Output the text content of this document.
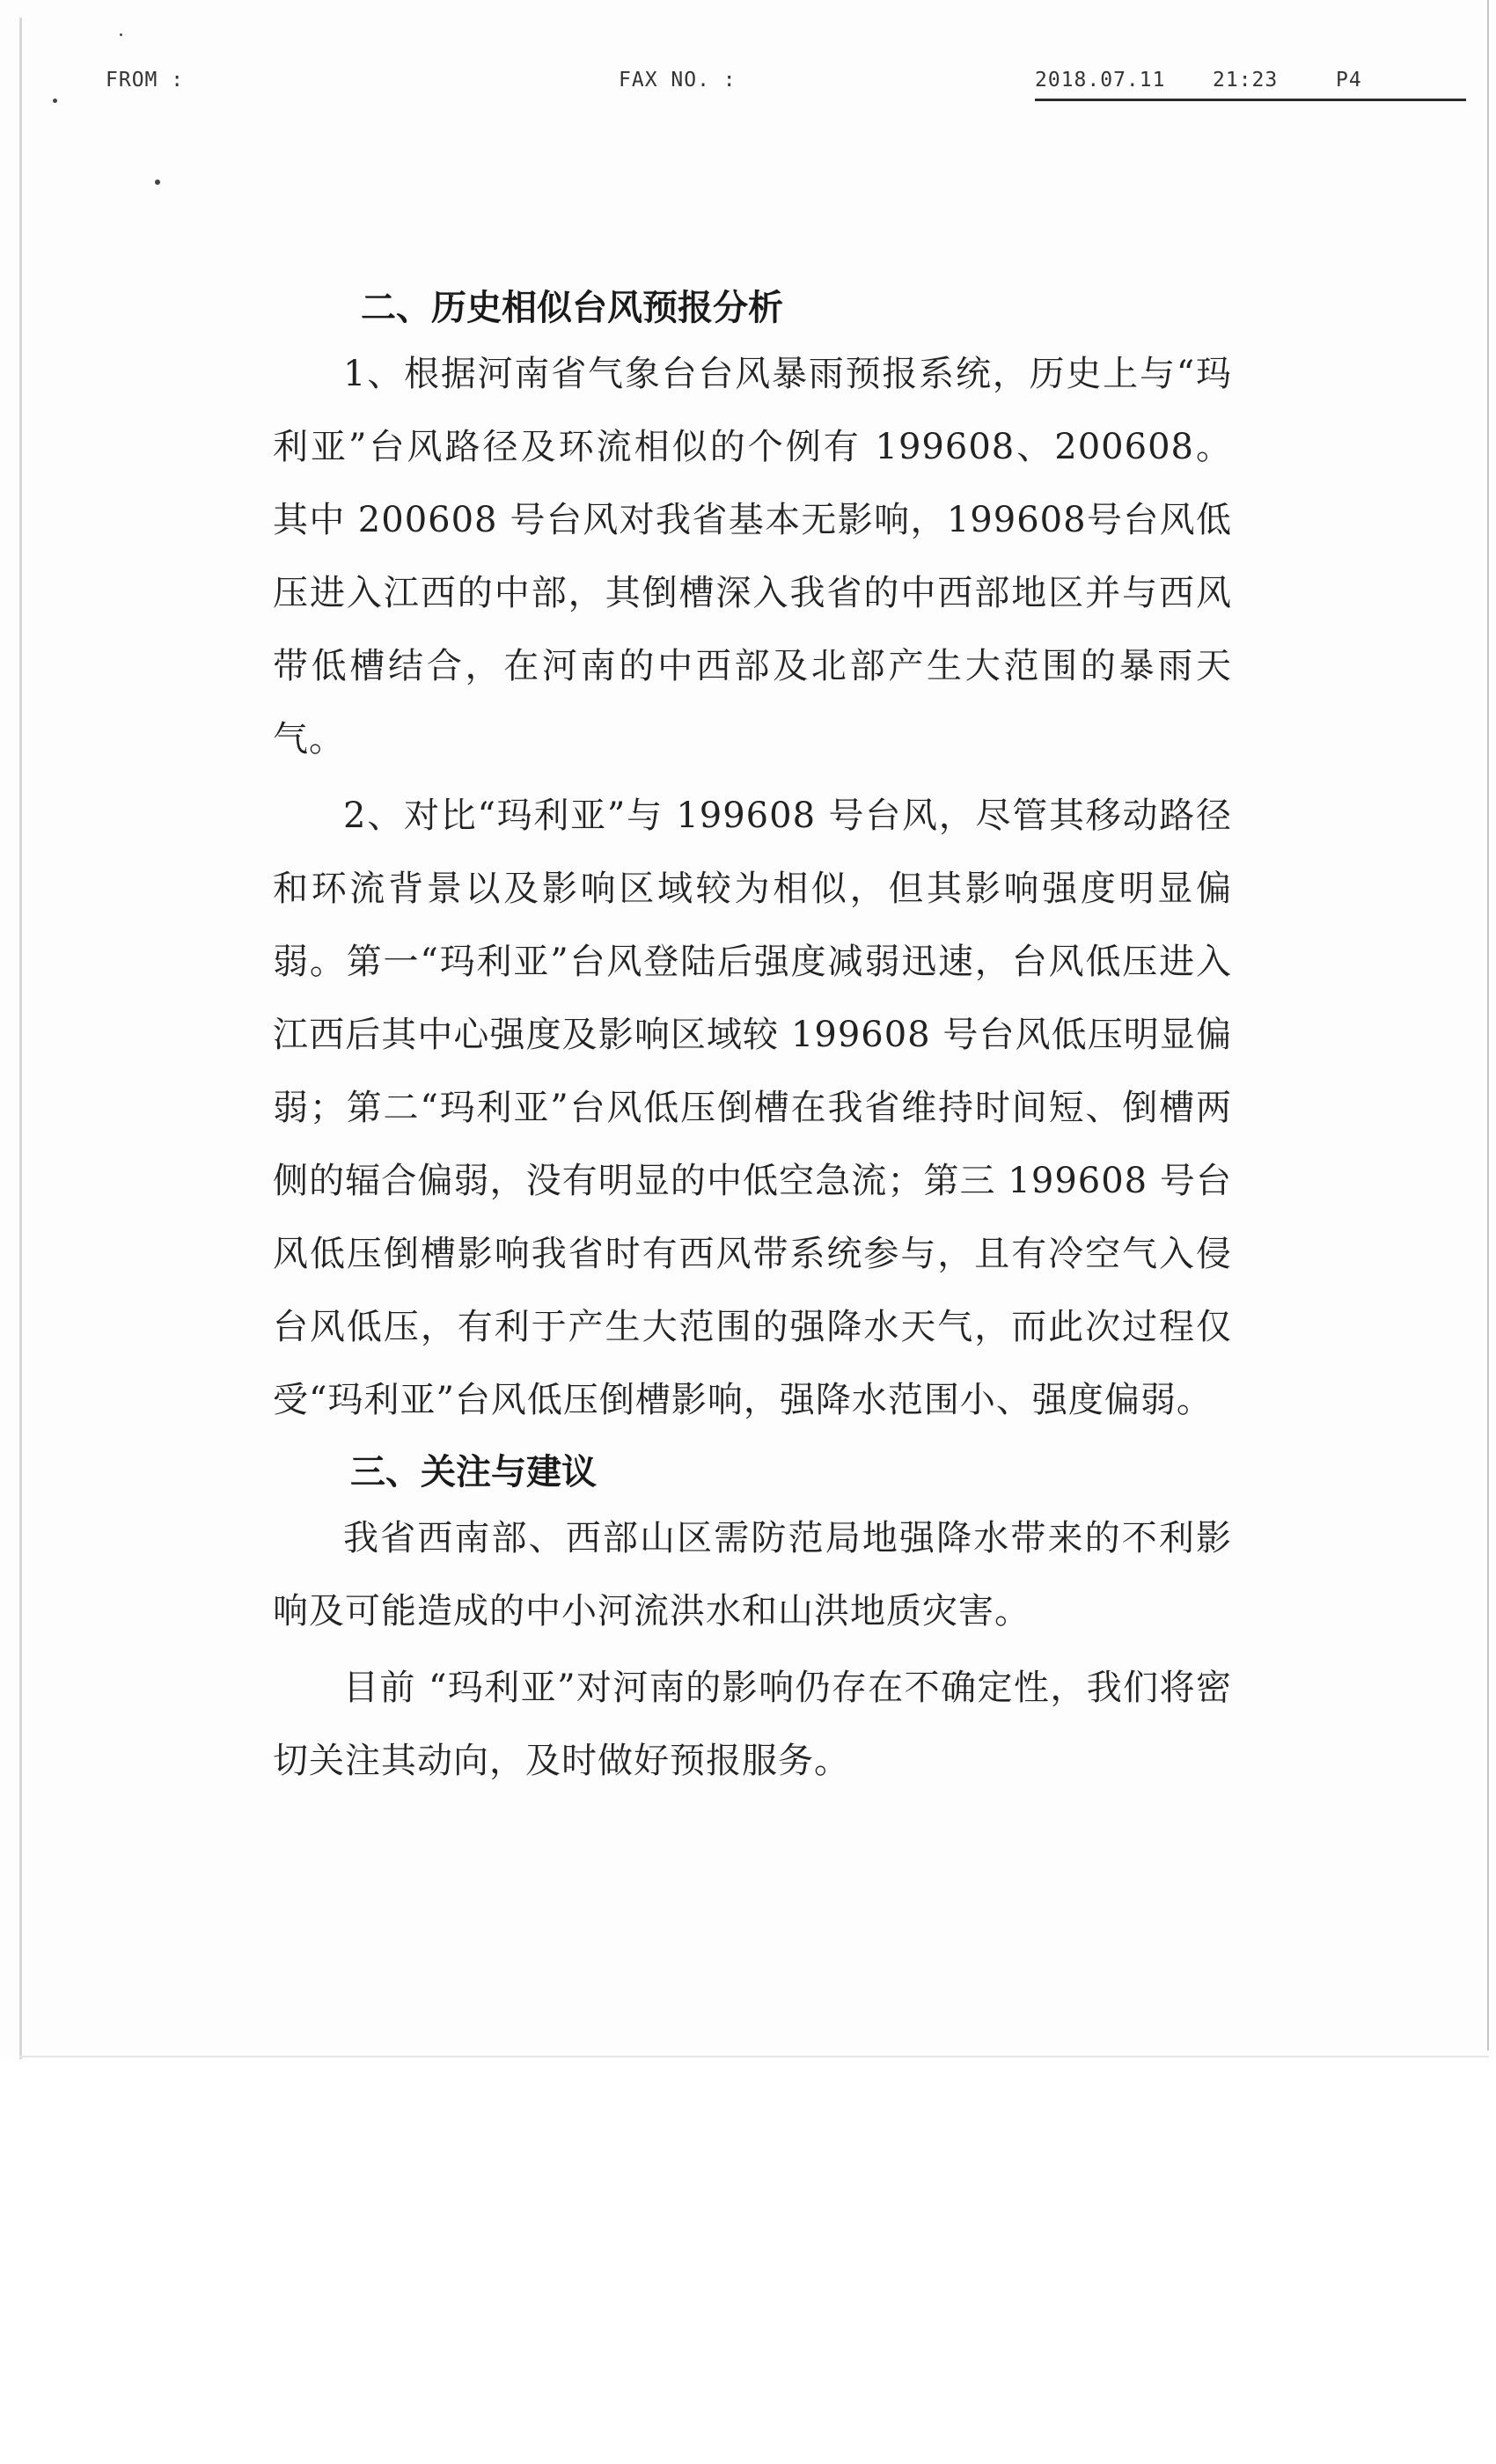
FROM :	FAX NO. :	2018.07.11 21:23	P4
二、历史相似台风预报分析

1、根据河南省气象台台风暴雨预报系统，历史上与“玛利亚”台风路径及环流相似的个例有 199608、200608。其中 200608 号台风对我省基本无影响，199608号台风低压进入江西的中部，其倒槽深入我省的中西部地区并与西风带低槽结合，在河南的中西部及北部产生大范围的暴雨天气。

2、对比“玛利亚”与 199608 号台风，尽管其移动路径和环流背景以及影响区域较为相似，但其影响强度明显偏弱。第一“玛利亚”台风登陆后强度减弱迅速，台风低压进入江西后其中心强度及影响区域较 199608 号台风低压明显偏弱；第二“玛利亚”台风低压倒槽在我省维持时间短、倒槽两侧的辐合偏弱，没有明显的中低空急流；第三 199608 号台风低压倒槽影响我省时有西风带系统参与，且有冷空气入侵台风低压，有利于产生大范围的强降水天气，而此次过程仅受“玛利亚”台风低压倒槽影响，强降水范围小、强度偏弱。

三、关注与建议

我省西南部、西部山区需防范局地强降水带来的不利影响及可能造成的中小河流洪水和山洪地质灾害。

目前 “玛利亚”对河南的影响仍存在不确定性，我们将密切关注其动向，及时做好预报服务。
